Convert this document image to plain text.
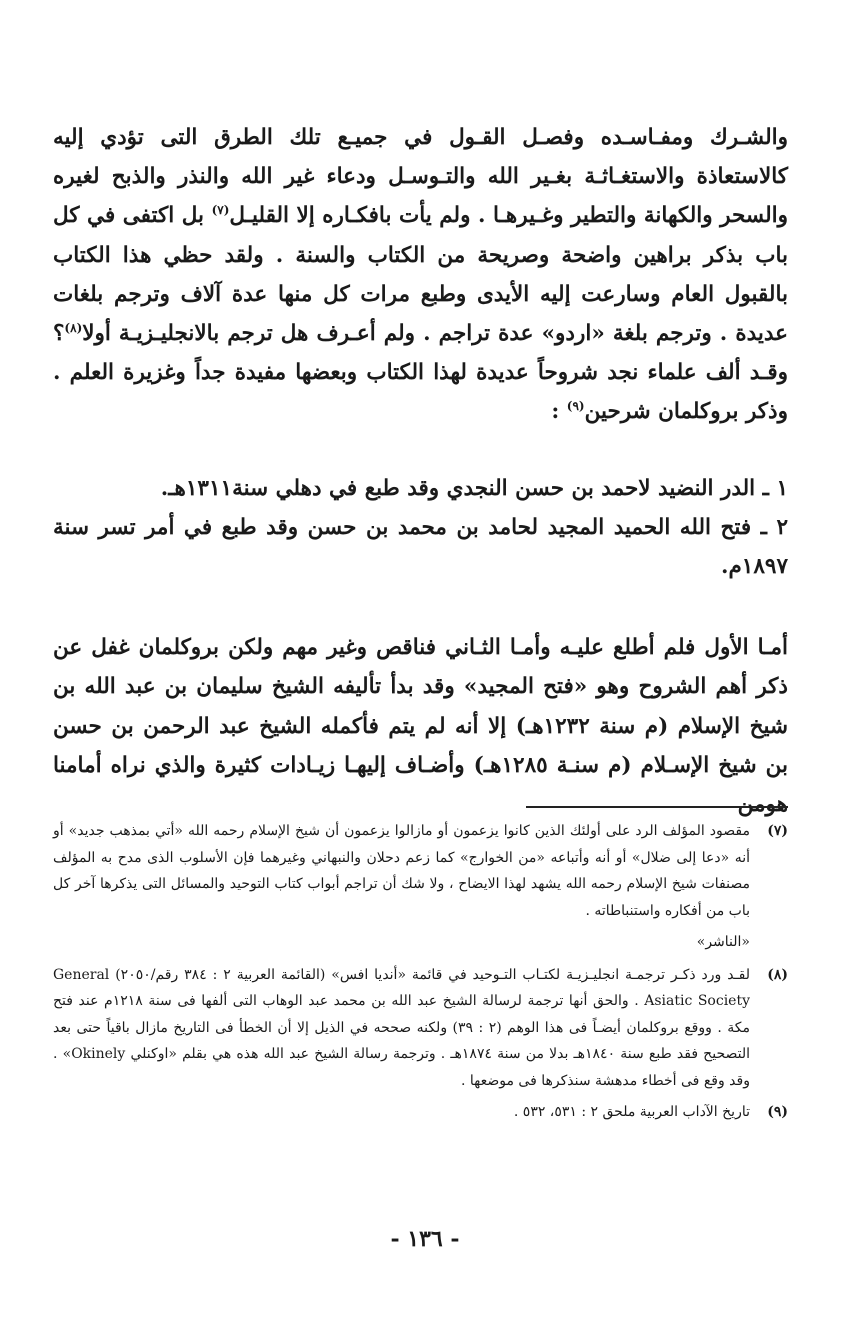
والشـرك ومفـاسـده وفصـل القـول في جميـع تلك الطرق التى تؤدي إليه كالاستعاذة والاستغـاثـة بغـير الله والتـوسـل ودعاء غير الله والنذر والذبح لغيره والسحر والكهانة والتطير وغـيرهـا . ولم يأت بافكـاره إلا القليـل$^{(٧)}$ بل اكتفى في كل باب بذكر براهين واضحة وصريحة من الكتاب والسنة . ولقد حظي هذا الكتاب بالقبول العام وسارعت إليه الأيدى وطبع مرات كل منها عدة آلاف وترجم بلغات عديدة . وترجم بلغة «اردو» عدة تراجم . ولم أعـرف هل ترجم بالانجليـزيـة أولا$^{(٨)}$؟ وقـد ألف علماء نجد شروحاً عديدة لهذا الكتاب وبعضها مفيدة جداً وغزيرة العلم . وذكر بروكلمان شرحين$^{(٩)}$ :

١ ـ الدر النضيد لاحمد بن حسن النجدي وقد طبع في دهلي سنة١٣١١هـ.

٢ ـ فتح الله الحميد المجيد لحامد بن محمد بن حسن وقد طبع في أمر تسر سنة ١٨٩٧م.

أمـا الأول فلم أطلع عليـه وأمـا الثـاني فناقص وغير مهم ولكن بروكلمان غفل عن ذكر أهم الشروح وهو «فتح المجيد» وقد بدأ تأليفه الشيخ سليمان بن عبد الله بن شيخ الإسلام (م سنة ١٢٣٢هـ) إلا أنه لم يتم فأكمله الشيخ عبد الرحمن بن حسن بن شيخ الإسـلام (م سنـة ١٢٨٥هـ) وأضـاف إليهـا زيـادات كثيرة والذي نراه أمامنا هومن

(٧)
مقصود المؤلف الرد على أولئك الذين كانوا يزعمون أو مازالوا يزعمون أن شيخ الإسلام رحمه الله «أتي بمذهب جديد» أو أنه «دعا إلى ضلال» أو أنه وأتباعه «من الخوارج» كما زعم دحلان والنبهاني وغيرهما فإن الأسلوب الذى مدح به المؤلف مصنفات شيخ الإسلام رحمه الله يشهد لهذا الايضاح ، ولا شك أن تراجم أبواب كتاب التوحيد والمسائل التى يذكرها آخر كل باب من أفكاره واستنباطاته .
«الناشر»
(٨)
لقـد ورد ذكـر ترجمـة انجليـزيـة لكتـاب التـوحيد في قائمة «أنديا افس» (القائمة العربية ٢ : ٣٨٤ رقم/٢٠٥٠) General Asiatic Society . والحق أنها ترجمة لرسالة الشيخ عبد الله بن محمد عبد الوهاب التى ألفها فى سنة ١٢١٨م عند فتح مكة . ووقع بروكلمان أيضـاً فى هذا الوهم (٢ : ٣٩) ولكنه صححه في الذيل إلا أن الخطأ فى التاريخ مازال باقياً حتى بعد التصحيح فقد طبع سنة ١٨٤٠هـ بدلا من سنة ١٨٧٤هـ . وترجمة رسالة الشيخ عبد الله هذه هي بقلم «اوكنلي Okinely» . وقد وقع فى أخطاء مدهشة سنذكرها فى موضعها .
(٩)
تاريخ الآداب العربية ملحق ٢ : ٥٣١، ٥٣٢ .
- ١٣٦ -
